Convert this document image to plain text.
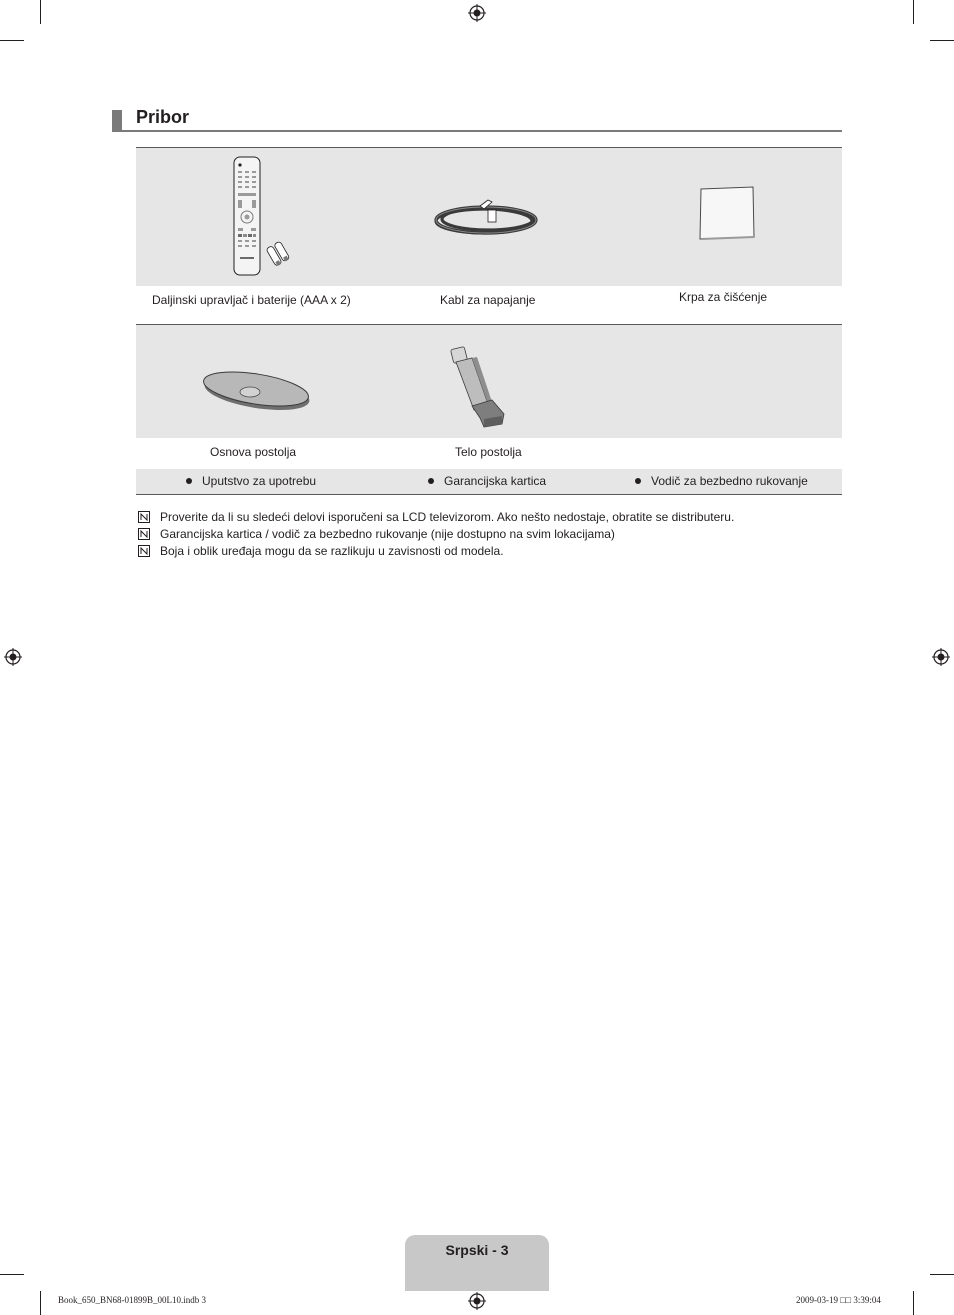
Pribor
Daljinski upravljač i baterije (AAA x 2)	Kabl za napajanje	Krpa za čišćenje
Osnova postolja	Telo postolja
Uputstvo za upotrebu	Garancijska kartica	Vodič za bezbedno rukovanje
Proverite da li su sledeći delovi isporučeni sa LCD televizorom. Ako nešto nedostaje, obratite se distributeru.
Garancijska kartica / vodič za bezbedno rukovanje (nije dostupno na svim lokacijama)
Boja i oblik uređaja mogu da se razlikuju u zavisnosti od modela.
Srpski - 3
Book_650_BN68-01899B_00L10.indb 3	2009-03-19 □□ 3:39:04
